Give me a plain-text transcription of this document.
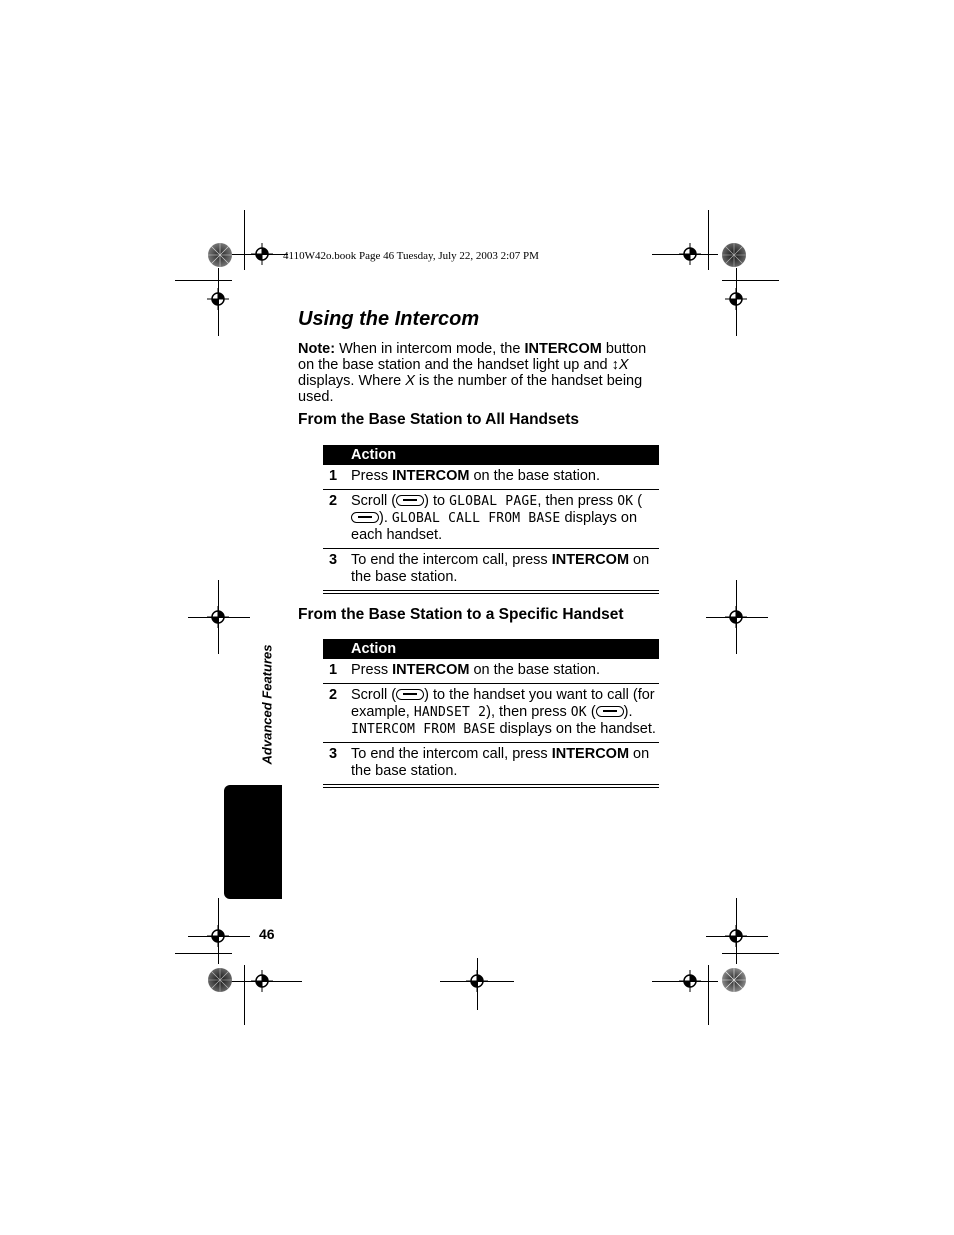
4110W42o.book Page 46 Tuesday, July 22, 2003 2:07 PM
Using the Intercom
Note: When in intercom mode, the INTERCOM button on the base station and the handset light up and ↕X displays. Where X is the number of the handset being used.
From the Base Station to All Handsets
Action
1 Press INTERCOM on the base station.
2 Scroll ( ) to GLOBAL PAGE, then press OK (). GLOBAL CALL FROM BASE displays on each handset.
3 To end the intercom call, press INTERCOM on the base station.
From the Base Station to a Specific Handset
Action
1 Press INTERCOM on the base station.
2 Scroll ( ) to the handset you want to call (for example, HANDSET 2), then press OK ( ). INTERCOM FROM BASE displays on the handset.
3 To end the intercom call, press INTERCOM on the base station.
Advanced Features
46
